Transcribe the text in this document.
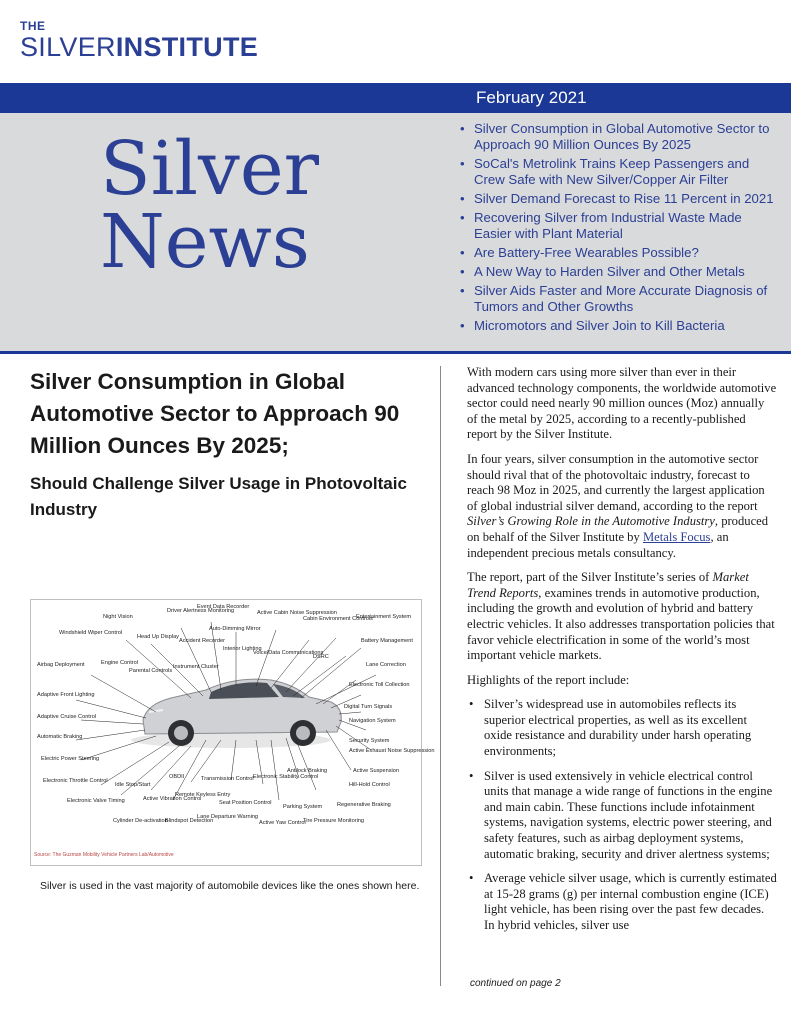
THE
SILVERINSTITUTE
February 2021
Silver
News
• Silver Consumption in Global Automotive Sector to Approach 90 Million Ounces By 2025
• SoCal's Metrolink Trains Keep Passengers and Crew Safe with New Silver/Copper Air Filter
• Silver Demand Forecast to Rise 11 Percent in 2021
• Recovering Silver from Industrial Waste Made Easier with Plant Material
• Are Battery-Free Wearables Possible?
• A New Way to Harden Silver and Other Metals
• Silver Aids Faster and More Accurate Diagnosis of Tumors and Other Growths
• Micromotors and Silver Join to Kill Bacteria
Silver Consumption in Global Automotive Sector to Approach 90 Million Ounces By 2025;
Should Challenge Silver Usage in Photovoltaic Industry
Night Vision
Driver Alertness Monitoring
Event Data Recorder
Active Cabin Noise Suppression
Cabin Environment Controls
Entertainment System
Windshield Wiper Control
Head Up Display
Accident Recorder
Auto-Dimming Mirror
Battery Management
Interior Lighting
Voice/Data Communications
DSRC
Lane Correction
Airbag Deployment	Engine Control
Parental Controls
Instrument Cluster
Electronic Toll Collection
Adaptive Front Lighting
Digital Turn Signals
Adaptive Cruise Control
Navigation System
Automatic Braking
Security System
Active Exhaust Noise Suppression
Electric Power Steering
Active Suspension
Electronic Throttle Control
Idle Stop/Start
OBDII	Transmission Control Electronic Stability Control
Antilock Braking
Hill-Hold Control
Electronic Valve Timing	Active Vibration Control
Remote Keyless Entry
Seat Position Control	Regenerative Braking
Cylinder De-activation
Blindspot Detection
Lane Departure Warning
Active Yaw Control
Parking System
Tire Pressure Monitoring
Source: The Guzman Mobility Vehicle Partners Lab/Automotive
Silver is used in the vast majority of automobile devices like the ones shown here.

With modern cars using more silver than ever in their advanced technology components, the worldwide automotive sector could need nearly 90 million ounces (Moz) annually of the metal by 2025, according to a recently-published report by the Silver Institute.

In four years, silver consumption in the automotive sector should rival that of the photovoltaic industry, forecast to reach 98 Moz in 2025, and currently the largest application of global industrial silver demand, according to the report Silver’s Growing Role in the Automotive Industry, produced on behalf of the Silver Institute by Metals Focus, an independent precious metals consultancy.

The report, part of the Silver Institute’s series of Market Trend Reports, examines trends in automotive production, including the growth and evolution of hybrid and battery electric vehicles. It also addresses transportation policies that favor vehicle electrification in some of the world’s most important vehicle markets.

Highlights of the report include:

• Silver’s widespread use in automobiles reflects its superior electrical properties, as well as its excellent oxide resistance and durability under harsh operating environments;
• Silver is used extensively in vehicle electrical control units that manage a wide range of functions in the engine and main cabin. These functions include infotainment systems, navigation systems, electric power steering, and safety features, such as airbag deployment systems, automatic braking, security and driver alertness systems;
• Average vehicle silver usage, which is currently estimated at 15-28 grams (g) per internal combustion engine (ICE) light vehicle, has been rising over the past few decades. In hybrid vehicles, silver use
continued on page 2
